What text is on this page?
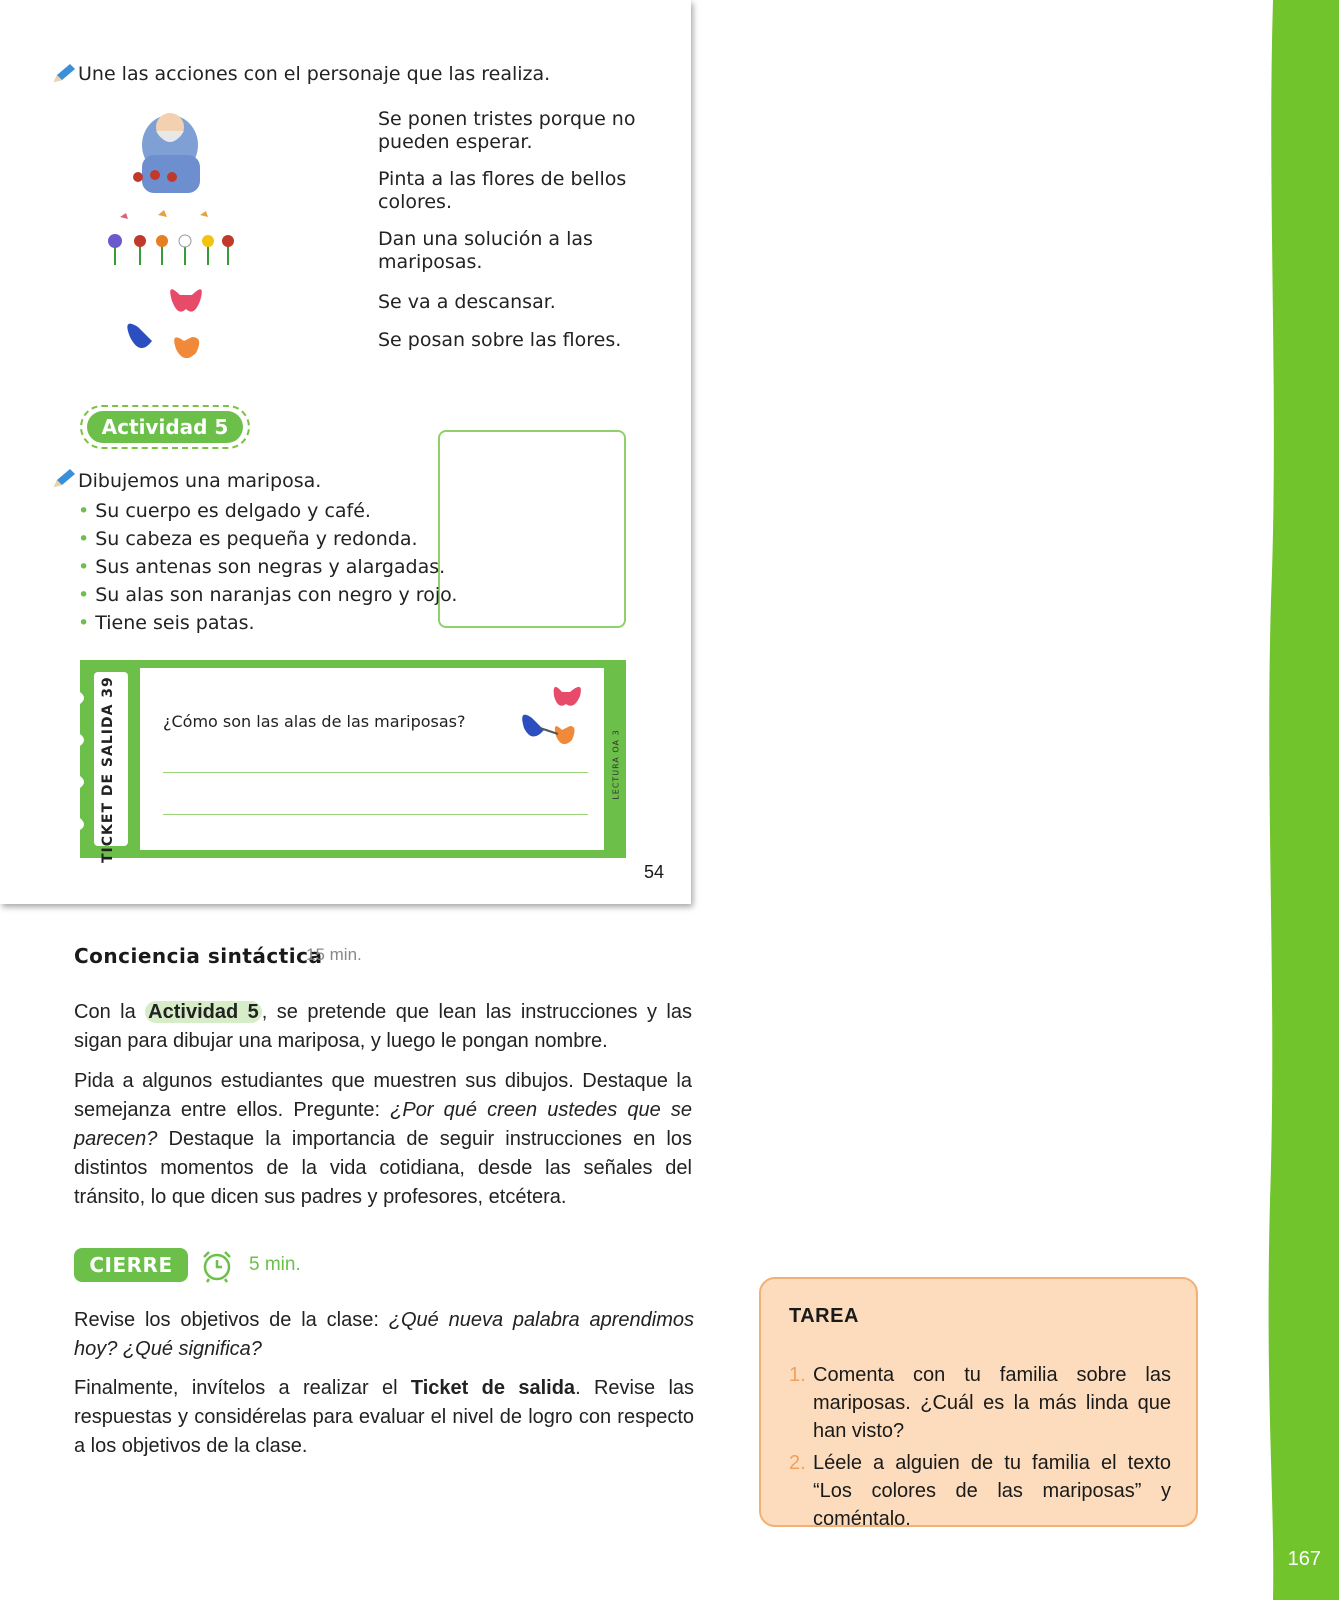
167
Une las acciones con el personaje que las realiza.
Se ponen tristes porque no pueden esperar.
Pinta a las flores de bellos colores.
Dan una solución a las mariposas.
Se va a descansar.
Se posan sobre las flores.
Actividad 5
Dibujemos una mariposa.
• Su cuerpo es delgado y café.
• Su cabeza es pequeña y redonda.
• Sus antenas son negras y alargadas.
• Su alas son naranjas con negro y rojo.
• Tiene seis patas.
TICKET DE SALIDA 39	¿Cómo son las alas de las mariposas?
LECTURA OA 3
54
Conciencia sintáctica
15 min.
Con la Actividad 5 , se pretende que lean las instrucciones y las sigan para dibujar una mariposa, y luego le pongan nombre.
Pida a algunos estudiantes que muestren sus dibujos. Destaque la semejanza entre ellos. Pregunte: ¿Por qué creen ustedes que se parecen? Destaque la importancia de seguir instrucciones en los distintos momentos de la vida cotidiana, desde las señales del tránsito, lo que dicen sus padres y profesores, etcétera.
CIERRE	5 min.
Revise los objetivos de la clase: ¿Qué nueva palabra aprendimos hoy? ¿Qué significa?
Finalmente, invítelos a realizar el Ticket de salida. Revise las respuestas y considérelas para evaluar el nivel de logro con respecto a los objetivos de la clase.
TAREA
1. Comenta con tu familia sobre las mariposas. ¿Cuál es la más linda que han visto?
2. Léele a alguien de tu familia el texto “Los colores de las mariposas” y coméntalo.
